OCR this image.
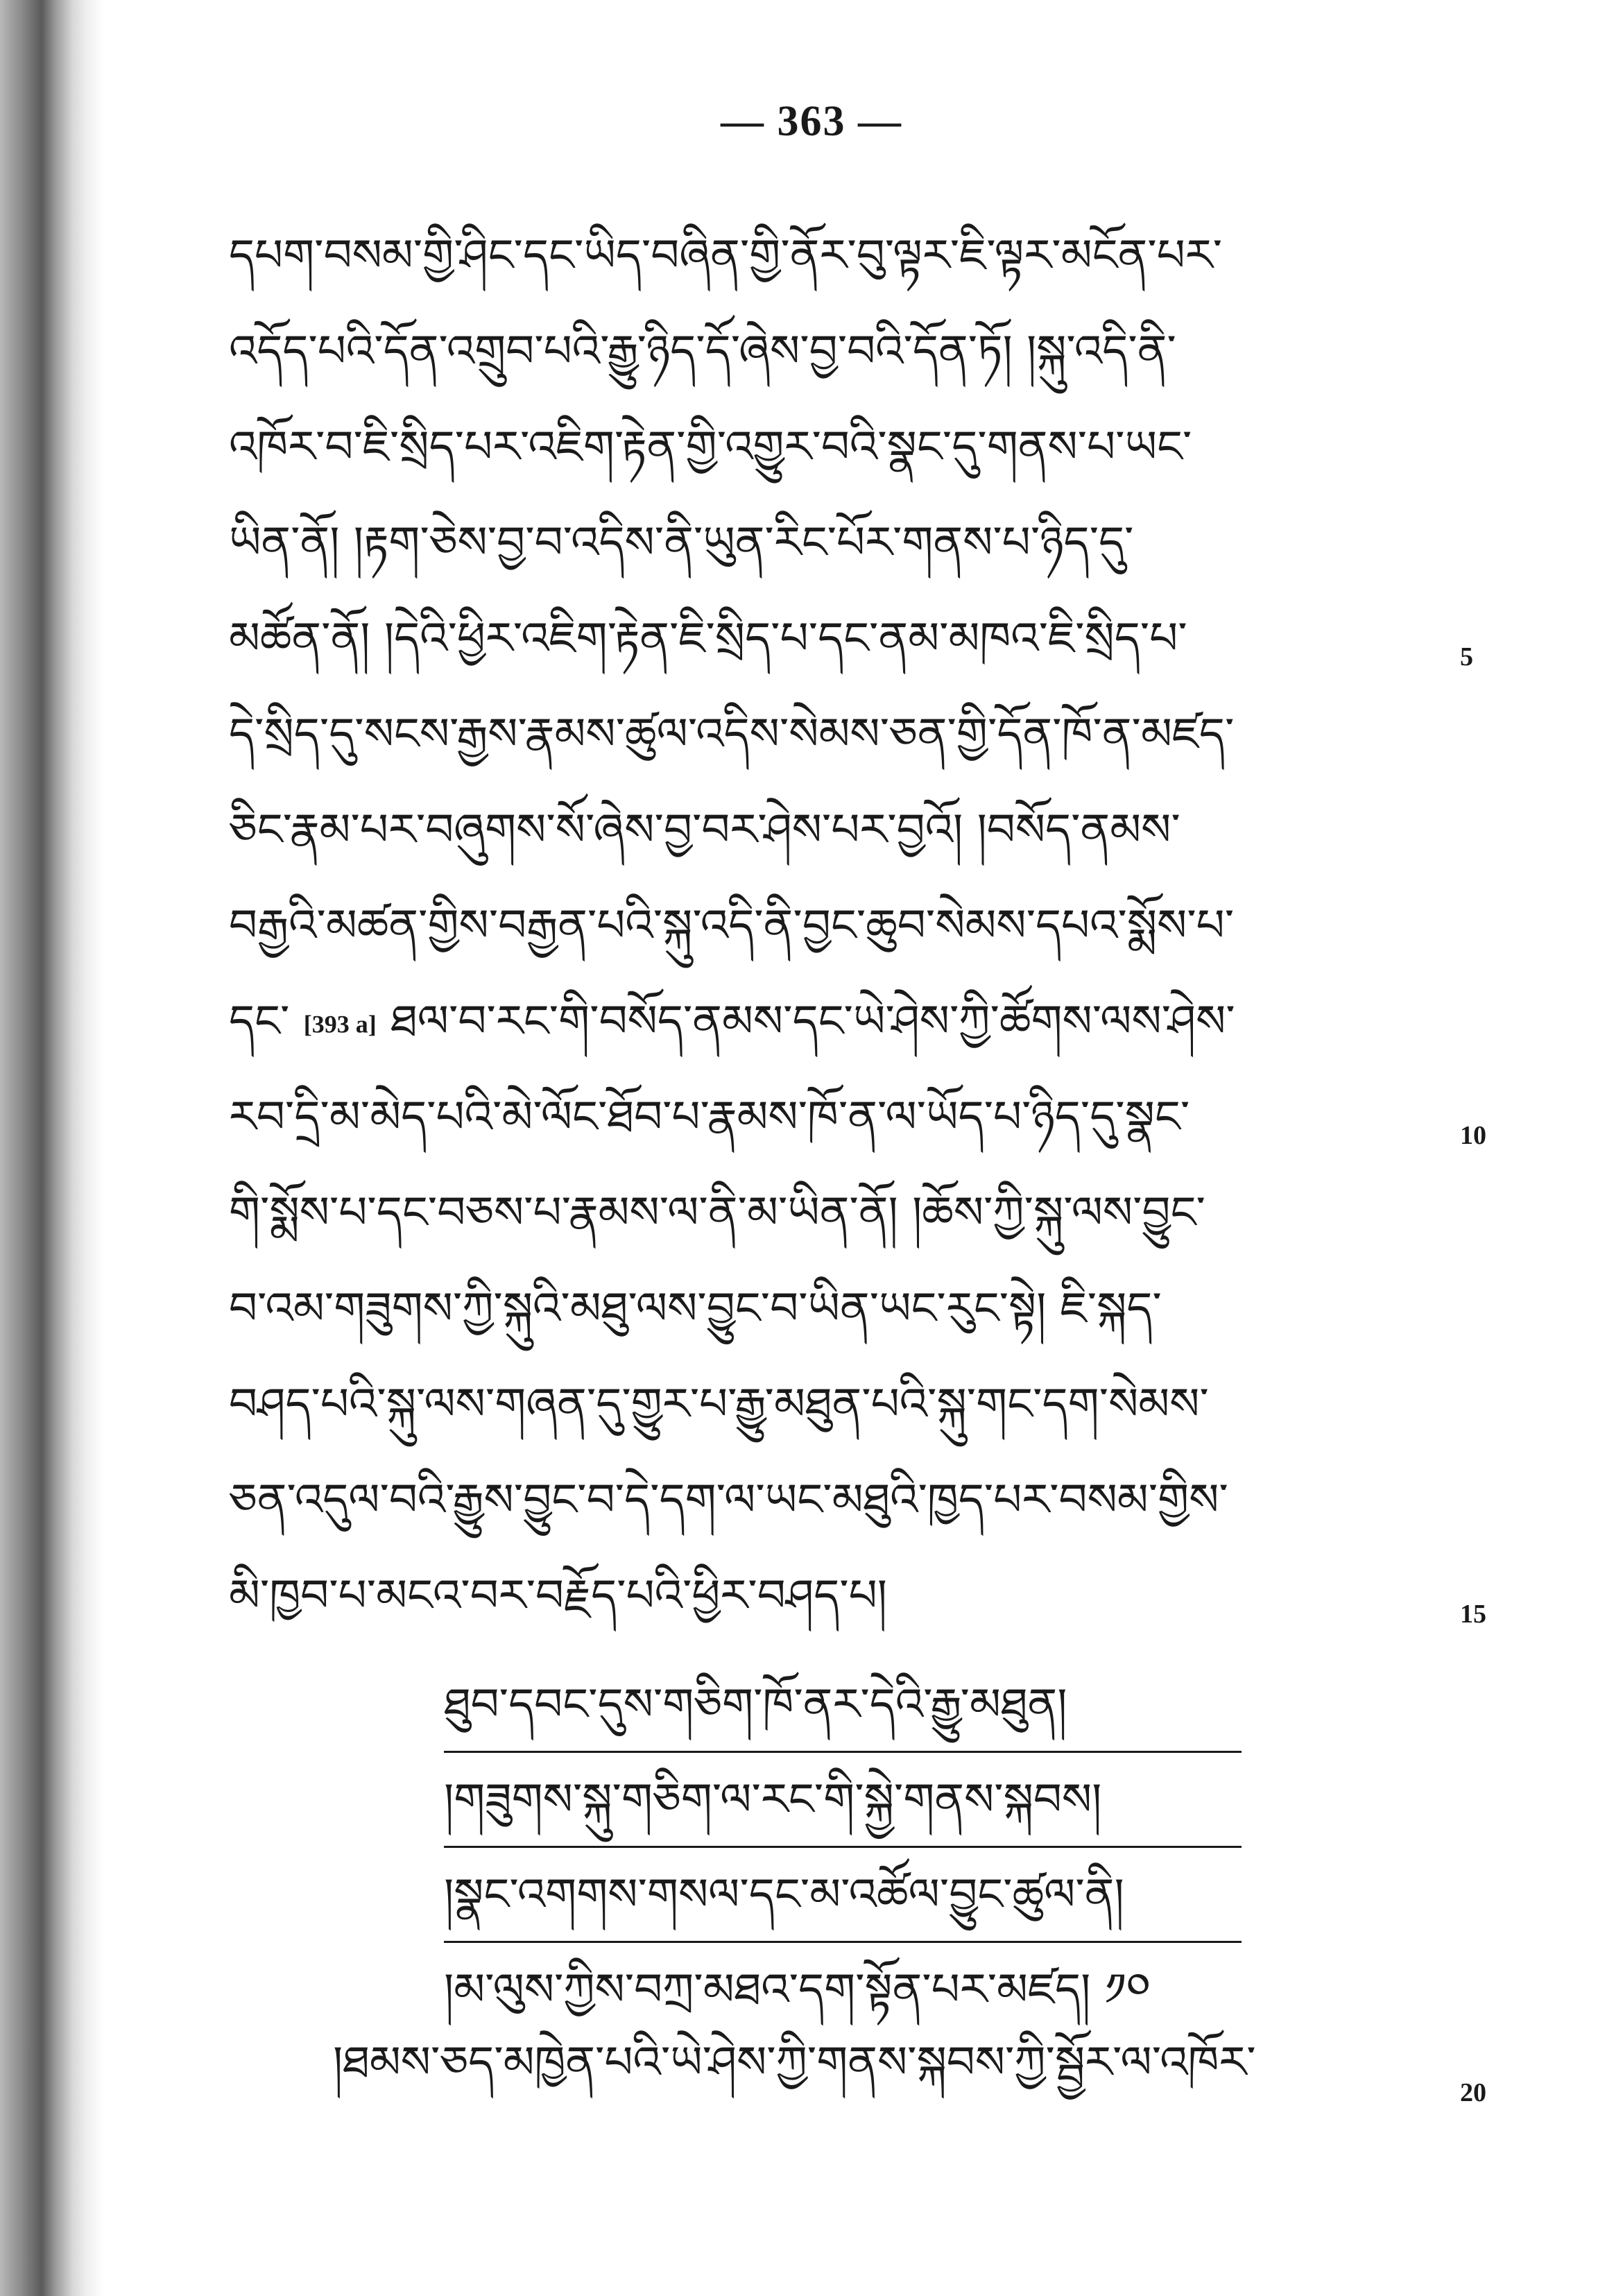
— 363 —
དཔག་བསམ་གྱི་ཤིང་དང་ཡིད་བཞིན་གྱི་ནོར་བུ་ལྟར་ཇི་ལྟར་མངོན་པར་
འདོད་པའི་དོན་འགྲུབ་པའི་རྒྱུ་ཉིད་དོ་ཞེས་བྱ་བའི་དོན་ཏོ། །སྐུ་འདི་ནི་
འཁོར་བ་ཇི་སྲིད་པར་འཇིག་རྟེན་གྱི་འགྱུར་བའི་སྣང་དུ་གནས་པ་ཡང་
ཡིན་ནོ། །རྟག་ཅེས་བྱ་བ་འདིས་ནི་ཡུན་རིང་པོར་གནས་པ་ཉིད་དུ་
མཚོན་ནོ། །དེའི་ཕྱིར་འཇིག་རྟེན་ཇི་སྲིད་པ་དང་ནམ་མཁའ་ཇི་སྲིད་པ་
དེ་སྲིད་དུ་སངས་རྒྱས་རྣམས་ཚུལ་འདིས་སེམས་ཅན་གྱི་དོན་ཁོ་ན་མཛད་
ཅིང་རྣམ་པར་བཞུགས་སོ་ཞེས་བྱ་བར་ཤེས་པར་བྱའོ། །བསོད་ནམས་
བརྒྱའི་མཚན་གྱིས་བརྒྱན་པའི་སྐུ་འདི་ནི་བྱང་ཆུབ་སེམས་དཔའ་སྨོས་པ་
དང་ [393 a] ཐལ་བ་རང་གི་བསོད་ནམས་དང་ཡེ་ཤེས་ཀྱི་ཚོགས་ལས་ཤེས་
རབ་དྲི་མ་མེད་པའི་མེ་ལོང་ཐོབ་པ་རྣམས་ཁོ་ན་ལ་ཡོད་པ་ཉིད་དུ་སྣང་
གི་སྨོས་པ་དང་བཅས་པ་རྣམས་ལ་ནི་མ་ཡིན་ནོ། །ཆོས་ཀྱི་སྐུ་ལས་བྱུང་
བ་འམ་གཟུགས་ཀྱི་སྐུའི་མཐུ་ལས་བྱུང་བ་ཡིན་ཡང་རུང་སྟེ། ཇི་སྐད་
བཤད་པའི་སྐུ་ལས་གཞན་དུ་གྱུར་པ་རྒྱུ་མཐུན་པའི་སྐུ་གང་དག་སེམས་
ཅན་འདུལ་བའི་རྒྱུས་བྱུང་བ་དེ་དག་ལ་ཡང་མཐུའི་ཁྱད་པར་བསམ་གྱིས་
མི་ཁྱབ་པ་མངའ་བར་བརྗོད་པའི་ཕྱིར་བཤད་པ།
5
10
15
20
ཐུབ་དབང་དུས་གཅིག་ཁོ་ནར་དེའི་རྒྱུ་མཐུན།
།གཟུགས་སྐུ་གཅིག་ལ་རང་གི་སྐྱེ་གནས་སྐབས།
།སྣང་འགགས་གསལ་དང་མ་འཚོལ་བྱུང་ཚུལ་ནི།
།མ་ལུས་ཀྱིས་བཀྲ་མཐའ་དག་སྟོན་པར་མཛད། ༡༠
།ཐམས་ཅད་མཁྱེན་པའི་ཡེ་ཤེས་ཀྱི་གནས་སྐབས་ཀྱི་སྦྱོར་ལ་འཁོར་
